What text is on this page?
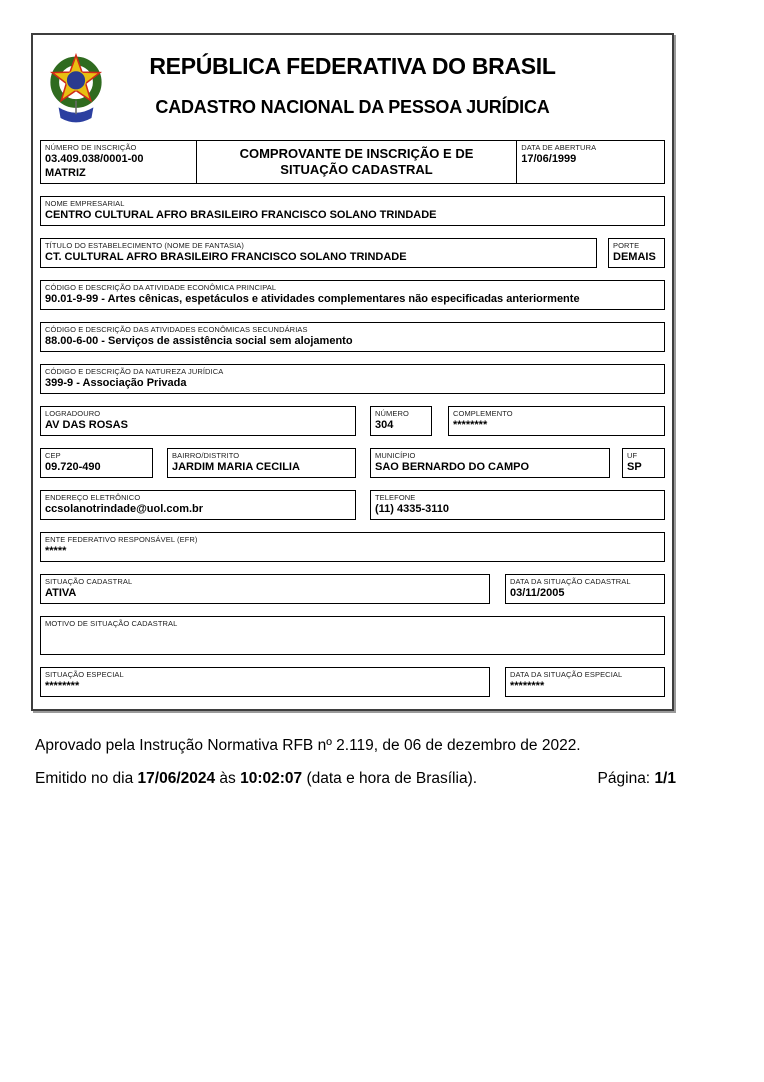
REPÚBLICA FEDERATIVA DO BRASIL
CADASTRO NACIONAL DA PESSOA JURÍDICA
NÚMERO DE INSCRIÇÃO
03.409.038/0001-00
MATRIZ
COMPROVANTE DE INSCRIÇÃO E DE SITUAÇÃO CADASTRAL
DATA DE ABERTURA
17/06/1999
NOME EMPRESARIAL
CENTRO CULTURAL AFRO BRASILEIRO FRANCISCO SOLANO TRINDADE
TÍTULO DO ESTABELECIMENTO (NOME DE FANTASIA)
CT. CULTURAL AFRO BRASILEIRO FRANCISCO SOLANO TRINDADE
PORTE
DEMAIS
CÓDIGO E DESCRIÇÃO DA ATIVIDADE ECONÔMICA PRINCIPAL
90.01-9-99 - Artes cênicas, espetáculos e atividades complementares não especificadas anteriormente
CÓDIGO E DESCRIÇÃO DAS ATIVIDADES ECONÔMICAS SECUNDÁRIAS
88.00-6-00 - Serviços de assistência social sem alojamento
CÓDIGO E DESCRIÇÃO DA NATUREZA JURÍDICA
399-9 - Associação Privada
LOGRADOURO
AV DAS ROSAS
NÚMERO
304
COMPLEMENTO
********
CEP
09.720-490
BAIRRO/DISTRITO
JARDIM MARIA CECILIA
MUNICÍPIO
SAO BERNARDO DO CAMPO
UF
SP
ENDEREÇO ELETRÔNICO
ccsolanotrindade@uol.com.br
TELEFONE
(11) 4335-3110
ENTE FEDERATIVO RESPONSÁVEL (EFR)
*****
SITUAÇÃO CADASTRAL
ATIVA
DATA DA SITUAÇÃO CADASTRAL
03/11/2005
MOTIVO DE SITUAÇÃO CADASTRAL
SITUAÇÃO ESPECIAL
********
DATA DA SITUAÇÃO ESPECIAL
********
Aprovado pela Instrução Normativa RFB nº 2.119, de 06 de dezembro de 2022.
Emitido no dia 17/06/2024 às 10:02:07 (data e hora de Brasília).	Página: 1/1
